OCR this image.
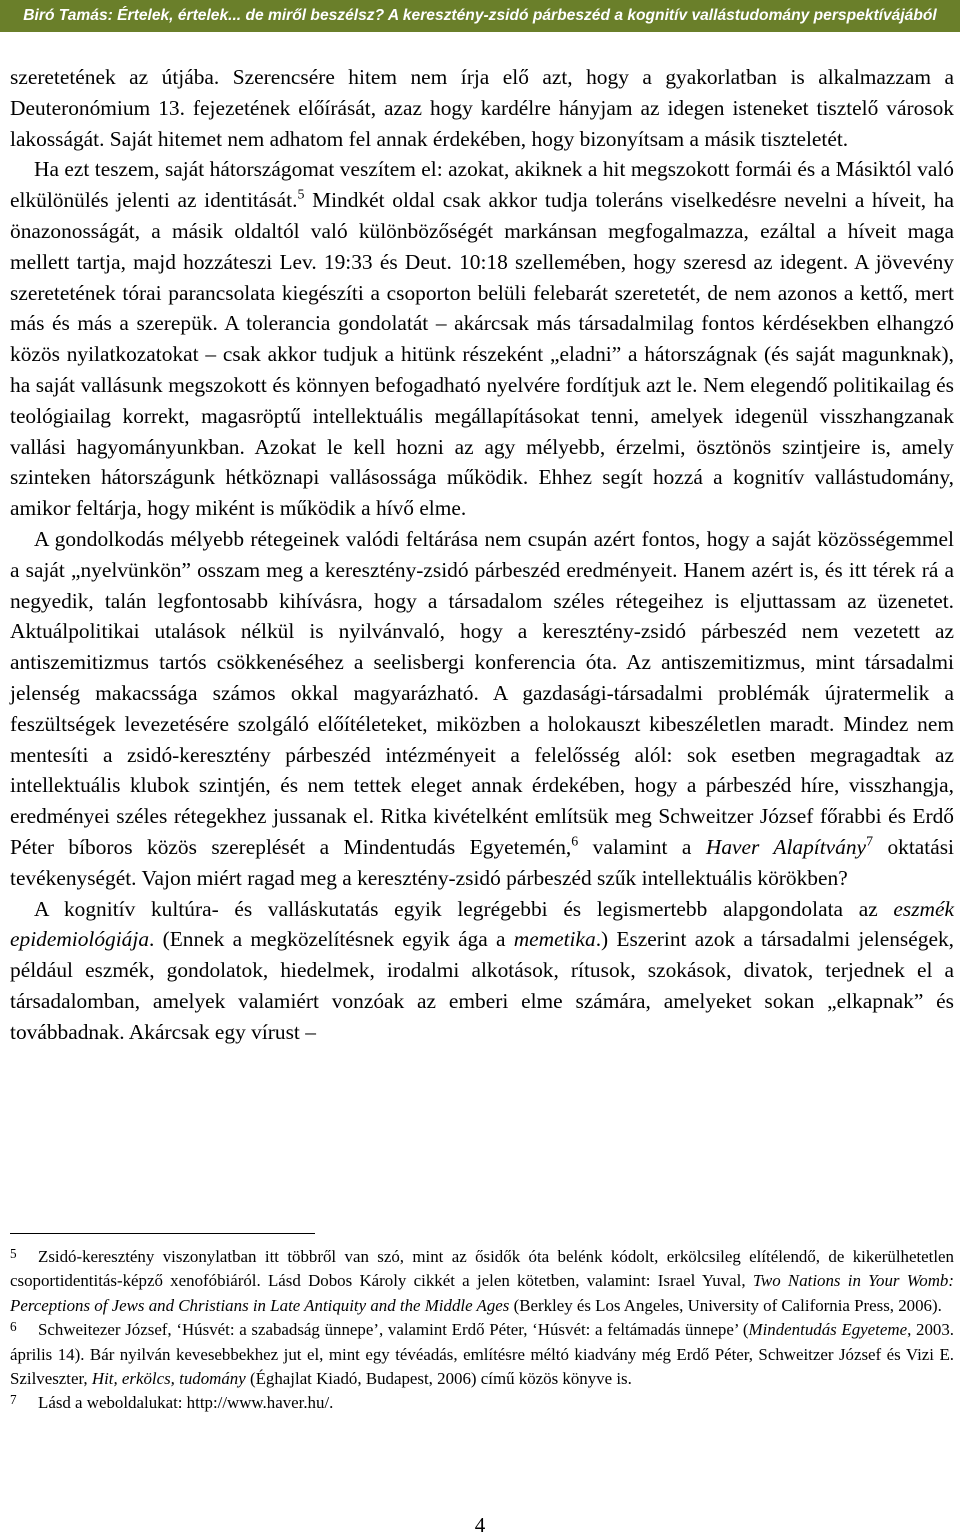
Biró Tamás: Értelek, értelek... de miről beszélsz? A keresztény-zsidó párbeszéd a kognitív vallástudomány perspektívájából

szeretetének az útjába. Szerencsére hitem nem írja elő azt, hogy a gyakorlatban is alkalmazzam a Deuteronómium 13. fejezetének előírását, azaz hogy kardélre hányjam az idegen isteneket tisztelő városok lakosságát. Saját hitemet nem adhatom fel annak érdekében, hogy bizonyítsam a másik tiszteletét.

Ha ezt teszem, saját hátországomat veszítem el: azokat, akiknek a hit megszokott formái és a Másiktól való elkülönülés jelenti az identitását.$^5$ Mindkét oldal csak akkor tudja toleráns viselkedésre nevelni a híveit, ha önazonosságát, a másik oldaltól való különbözőségét markánsan megfogalmazza, ezáltal a híveit maga mellett tartja, majd hozzáteszi Lev. 19:33 és Deut. 10:18 szellemében, hogy szeresd az idegent. A jövevény szeretetének tórai parancsolata kiegészíti a csoporton belüli felebarát szeretetét, de nem azonos a kettő, mert más és más a szerepük. A tolerancia gondolatát – akárcsak más társadalmilag fontos kérdésekben elhangzó közös nyilatkozatokat – csak akkor tudjuk a hitünk részeként „eladni” a hátországnak (és saját magunknak), ha saját vallásunk megszokott és könnyen befogadható nyelvére fordítjuk azt le. Nem elegendő politikailag és teológiailag korrekt, magasröptű intellektuális megállapításokat tenni, amelyek idegenül visszhangzanak vallási hagyományunkban. Azokat le kell hozni az agy mélyebb, érzelmi, ösztönös szintjeire is, amely szinteken hátországunk hétköznapi vallásossága működik. Ehhez segít hozzá a kognitív vallástudomány, amikor feltárja, hogy miként is működik a hívő elme.

A gondolkodás mélyebb rétegeinek valódi feltárása nem csupán azért fontos, hogy a saját közösségemmel a saját „nyelvünkön” osszam meg a keresztény-zsidó párbeszéd eredményeit. Hanem azért is, és itt térek rá a negyedik, talán legfontosabb kihívásra, hogy a társadalom széles rétegeihez is eljuttassam az üzenetet. Aktuálpolitikai utalások nélkül is nyilvánvaló, hogy a keresztény-zsidó párbeszéd nem vezetett az antiszemitizmus tartós csökkenéséhez a seelisbergi konferencia óta. Az antiszemitizmus, mint társadalmi jelenség makacssága számos okkal magyarázható. A gazdasági-társadalmi problémák újratermelik a feszültségek levezetésére szolgáló előítéleteket, miközben a holokauszt kibeszéletlen maradt. Mindez nem mentesíti a zsidó-keresztény párbeszéd intézményeit a felelősség alól: sok esetben megragadtak az intellektuális klubok szintjén, és nem tettek eleget annak érdekében, hogy a párbeszéd híre, visszhangja, eredményei széles rétegekhez jussanak el. Ritka kivételként említsük meg Schweitzer József főrabbi és Erdő Péter bíboros közös szereplését a Mindentudás Egyetemén,$^6$ valamint a Haver Alapítvány$^7$ oktatási tevékenységét. Vajon miért ragad meg a keresztény-zsidó párbeszéd szűk intellektuális körökben?

A kognitív kultúra- és valláskutatás egyik legrégebbi és legismertebb alapgondolata az eszmék epidemiológiája. (Ennek a megközelítésnek egyik ága a memetika.) Eszerint azok a társadalmi jelenségek, például eszmék, gondolatok, hiedelmek, irodalmi alkotások, rítusok, szokások, divatok, terjednek el a társadalomban, amelyek valamiért vonzóak az emberi elme számára, amelyeket sokan „elkapnak” és továbbadnak. Akárcsak egy vírust –

5 Zsidó-keresztény viszonylatban itt többről van szó, mint az ősidők óta belénk kódolt, erkölcsileg elítélendő, de kikerülhetetlen csoportidentitás-képző xenofóbiáról. Lásd Dobos Károly cikkét a jelen kötetben, valamint: Israel Yuval, Two Nations in Your Womb: Perceptions of Jews and Christians in Late Antiquity and the Middle Ages (Berkley és Los Angeles, University of California Press, 2006).

6 Schweitezer József, ‘Húsvét: a szabadság ünnepe’, valamint Erdő Péter, ‘Húsvét: a feltámadás ünnepe’ (Mindentudás Egyeteme, 2003. április 14). Bár nyilván kevesebbekhez jut el, mint egy tévéadás, említésre méltó kiadvány még Erdő Péter, Schweitzer József és Vizi E. Szilveszter, Hit, erkölcs, tudomány (Éghajlat Kiadó, Budapest, 2006) című közös könyve is.

7 Lásd a weboldalukat: http://www.haver.hu/.

4
